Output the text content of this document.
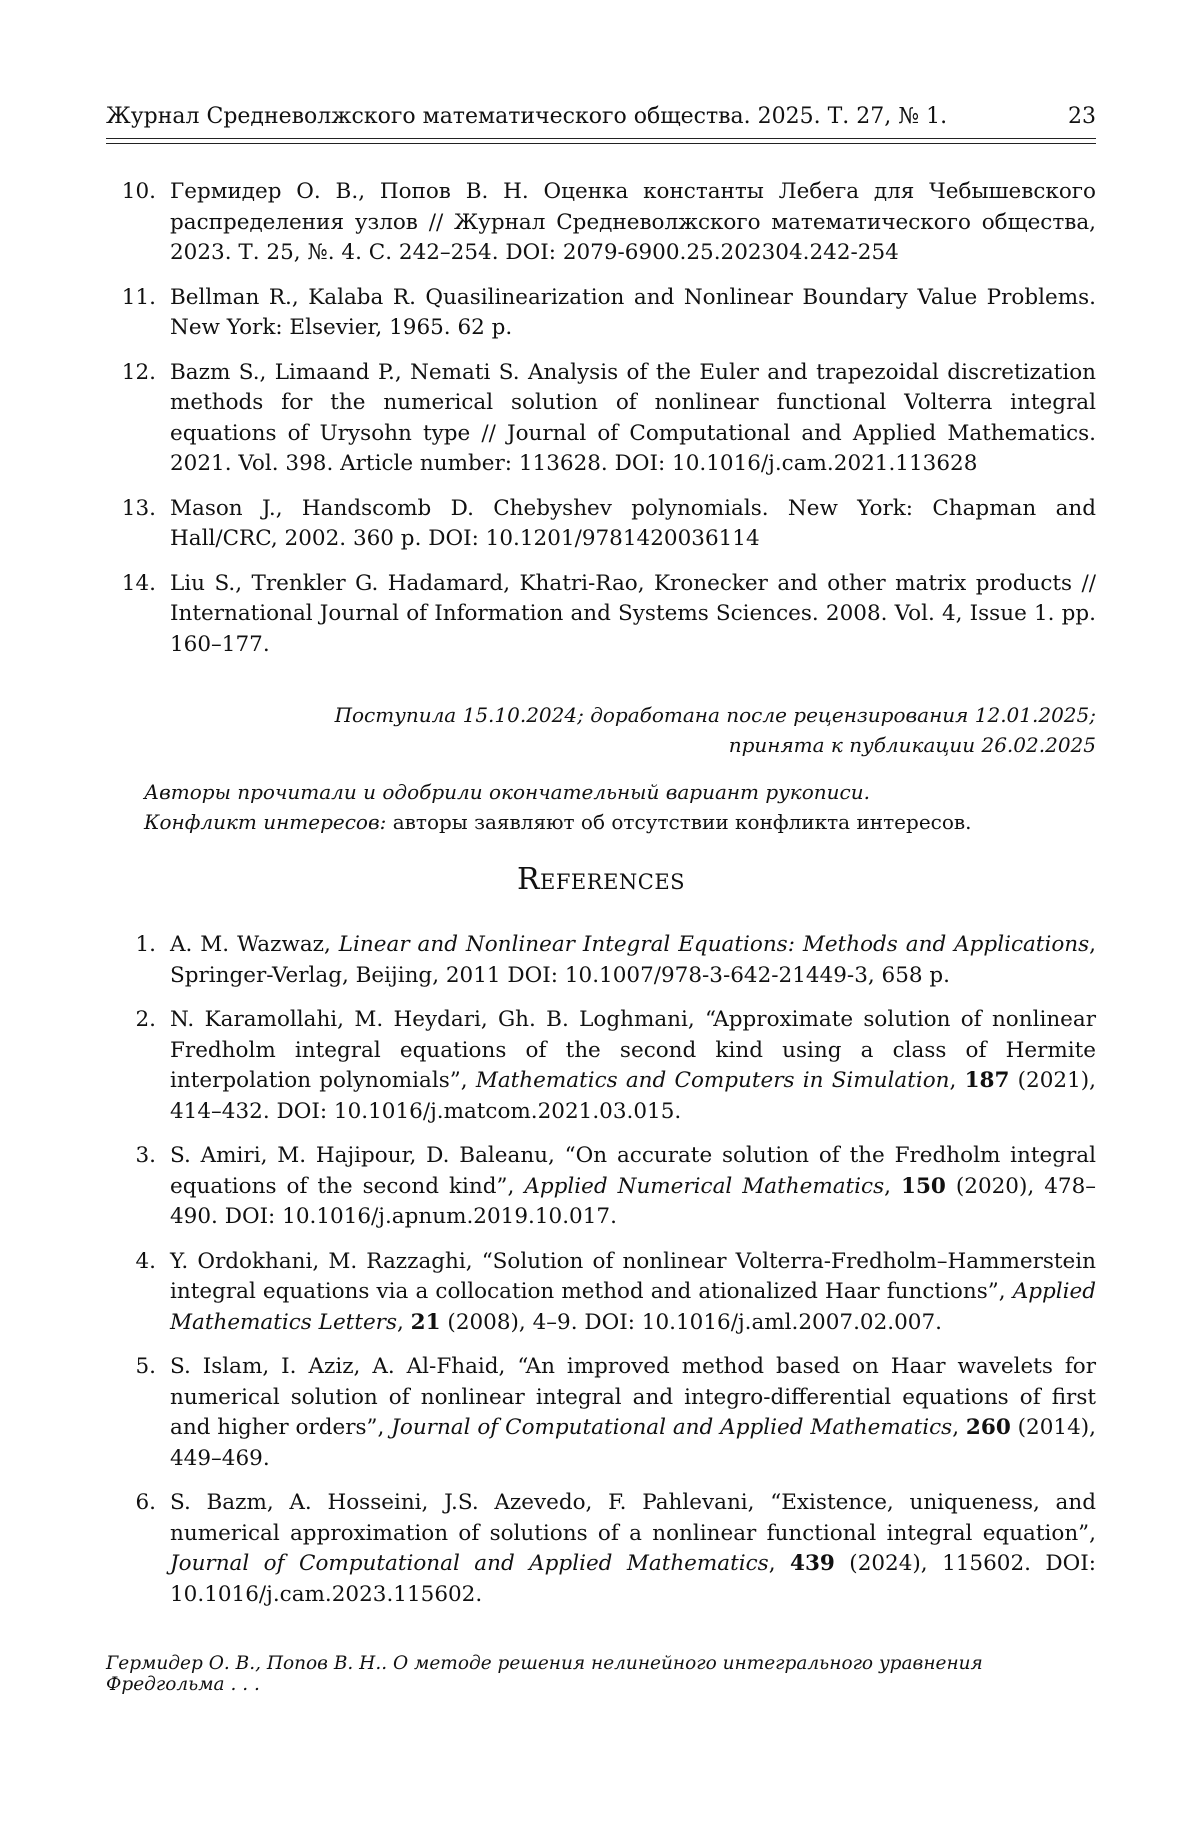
Журнал Средневолжского математического общества. 2025. Т. 27, № 1.	23
10. Гермидер О. В., Попов В. Н. Оценка константы Лебега для Чебышевского распределения узлов // Журнал Средневолжского математического общества, 2023. Т. 25, №. 4. С. 242–254. DOI: 2079-6900.25.202304.242-254
11. Bellman R., Kalaba R. Quasilinearization and Nonlinear Boundary Value Problems. New York: Elsevier, 1965. 62 p.
12. Bazm S., Limaand P., Nemati S. Analysis of the Euler and trapezoidal discretization methods for the numerical solution of nonlinear functional Volterra integral equations of Urysohn type // Journal of Computational and Applied Mathematics. 2021. Vol. 398. Article number: 113628. DOI: 10.1016/j.cam.2021.113628
13. Mason J., Handscomb D. Chebyshev polynomials. New York: Chapman and Hall/CRC, 2002. 360 p. DOI: 10.1201/9781420036114
14. Liu S., Trenkler G. Hadamard, Khatri-Rao, Kronecker and other matrix products // International Journal of Information and Systems Sciences. 2008. Vol. 4, Issue 1. pp. 160–177.
Поступила 15.10.2024; доработана после рецензирования 12.01.2025;
принята к публикации 26.02.2025
Авторы прочитали и одобрили окончательный вариант рукописи.
Конфликт интересов: авторы заявляют об отсутствии конфликта интересов.
References
1. A. M. Wazwaz, Linear and Nonlinear Integral Equations: Methods and Applications, Springer-Verlag, Beijing, 2011 DOI: 10.1007/978-3-642-21449-3, 658 p.
2. N. Karamollahi, M. Heydari, Gh. B. Loghmani, “Approximate solution of nonlinear Fredholm integral equations of the second kind using a class of Hermite interpolation polynomials”, Mathematics and Computers in Simulation, 187 (2021), 414–432. DOI: 10.1016/j.matcom.2021.03.015.
3. S. Amiri, M. Hajipour, D. Baleanu, “On accurate solution of the Fredholm integral equations of the second kind”, Applied Numerical Mathematics, 150 (2020), 478–490. DOI: 10.1016/j.apnum.2019.10.017.
4. Y. Ordokhani, M. Razzaghi, “Solution of nonlinear Volterra-Fredholm–Hammerstein integral equations via a collocation method and ationalized Haar functions”, Applied Mathematics Letters, 21 (2008), 4–9. DOI: 10.1016/j.aml.2007.02.007.
5. S. Islam, I. Aziz, A. Al-Fhaid, “An improved method based on Haar wavelets for numerical solution of nonlinear integral and integro-differential equations of first and higher orders”, Journal of Computational and Applied Mathematics, 260 (2014), 449–469.
6. S. Bazm, A. Hosseini, J.S. Azevedo, F. Pahlevani, “Existence, uniqueness, and numerical approximation of solutions of a nonlinear functional integral equation”, Journal of Computational and Applied Mathematics, 439 (2024), 115602. DOI: 10.1016/j.cam.2023.115602.
Гермидер О. В., Попов В. Н.. О методе решения нелинейного интегрального уравнения Фредгольма . . .
